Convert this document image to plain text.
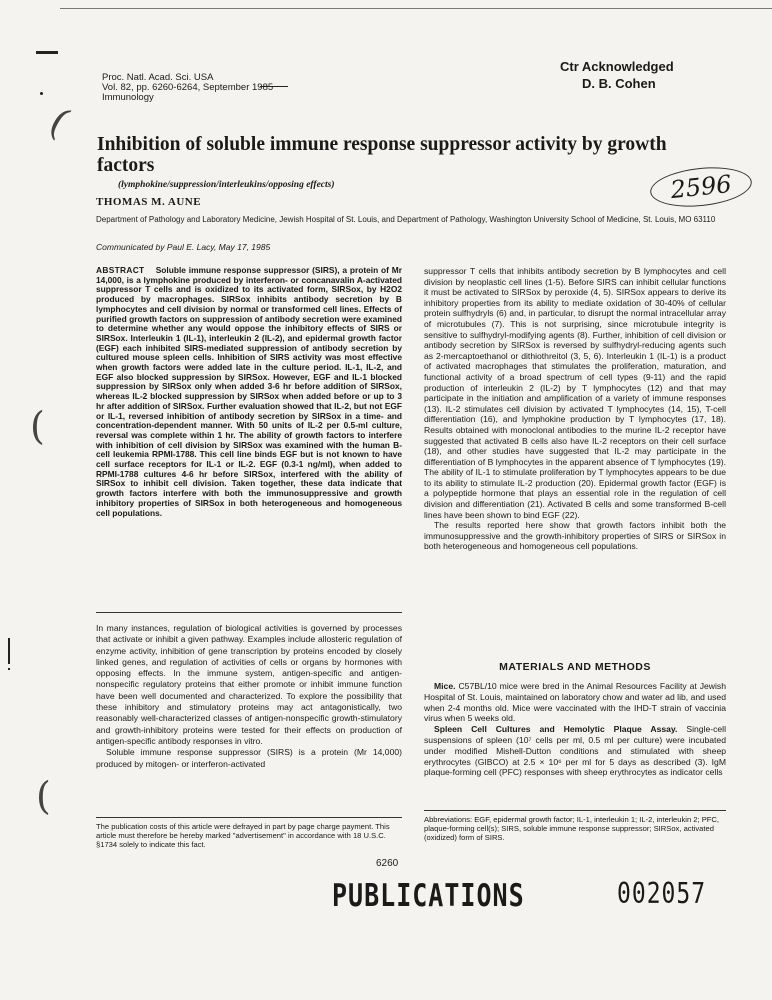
Proc. Natl. Acad. Sci. USA
Vol. 82, pp. 6260-6264, September 1985
Immunology
Ctr Acknowledged
D. B. Cohen
Inhibition of soluble immune response suppressor activity by growth factors
(lymphokine/suppression/interleukins/opposing effects)	2596
THOMAS M. AUNE
Department of Pathology and Laboratory Medicine, Jewish Hospital of St. Louis, and Department of Pathology, Washington University School of Medicine, St. Louis, MO 63110
Communicated by Paul E. Lacy, May 17, 1985
ABSTRACT Soluble immune response suppressor (SIRS), a protein of Mr 14,000, is a lymphokine produced by interferon- or concanavalin A-activated suppressor T cells and is oxidized to its activated form, SIRSox, by H2O2 produced by macrophages. SIRSox inhibits antibody secretion by B lymphocytes and cell division by normal or transformed cell lines. Effects of purified growth factors on suppression of antibody secretion were examined to determine whether any would oppose the inhibitory effects of SIRS or SIRSox. Interleukin 1 (IL-1), interleukin 2 (IL-2), and epidermal growth factor (EGF) each inhibited SIRS-mediated suppression of antibody secretion by cultured mouse spleen cells. Inhibition of SIRS activity was most effective when growth factors were added late in the culture period. IL-1, IL-2, and EGF also blocked suppression by SIRSox. However, EGF and IL-1 blocked suppression by SIRSox only when added 3-6 hr before addition of SIRSox, whereas IL-2 blocked suppression by SIRSox when added before or up to 3 hr after addition of SIRSox. Further evaluation showed that IL-2, but not EGF or IL-1, reversed inhibition of antibody secretion by SIRSox in a time- and concentration-dependent manner. With 50 units of IL-2 per 0.5-ml culture, reversal was complete within 1 hr. The ability of growth factors to interfere with inhibition of cell division by SIRSox was examined with the human B-cell leukemia RPMI-1788. This cell line binds EGF but is not known to have cell surface receptors for IL-1 or IL-2. EGF (0.3-1 ng/ml), when added to RPMI-1788 cultures 4-6 hr before SIRSox, interfered with the ability of SIRSox to inhibit cell division. Taken together, these data indicate that growth factors interfere with both the immunosuppressive and growth inhibitory properties of SIRSox in both heterogeneous and homogeneous cell populations.

In many instances, regulation of biological activities is governed by processes that activate or inhibit a given pathway. Examples include allosteric regulation of enzyme activity, inhibition of gene transcription by proteins encoded by closely linked genes, and regulation of activities of cells or organs by hormones with opposing effects. In the immune system, antigen-specific and antigen-nonspecific regulatory proteins that either promote or inhibit immune function have been well documented and characterized. To explore the possibility that these inhibitory and stimulatory proteins may act antagonistically, two reasonably well-characterized classes of antigen-nonspecific growth-stimulatory and growth-inhibitory proteins were tested for their effects on production of antigen-specific antibody responses in vitro.

Soluble immune response suppressor (SIRS) is a protein (Mr 14,000) produced by mitogen- or interferon-activated

suppressor T cells that inhibits antibody secretion by B lymphocytes and cell division by neoplastic cell lines (1-5). Before SIRS can inhibit cellular functions it must be activated to SIRSox by peroxide (4, 5). SIRSox appears to derive its inhibitory properties from its ability to mediate oxidation of 30-40% of cellular protein sulfhydryls (6) and, in particular, to disrupt the normal intracellular array of microtubules (7). This is not surprising, since microtubule integrity is sensitive to sulfhydryl-modifying agents (8). Further, inhibition of cell division or antibody secretion by SIRSox is reversed by sulfhydryl-reducing agents such as 2-mercaptoethanol or dithiothreitol (3, 5, 6). Interleukin 1 (IL-1) is a product of activated macrophages that stimulates the proliferation, maturation, and functional activity of a broad spectrum of cell types (9-11) and the rapid production of interleukin 2 (IL-2) by T lymphocytes (12) and that may participate in the initiation and amplification of a variety of immune responses (13). IL-2 stimulates cell division by activated T lymphocytes (14, 15), T-cell differentiation (16), and lymphokine production by T lymphocytes (17, 18). Results obtained with monoclonal antibodies to the murine IL-2 receptor have suggested that activated B cells also have IL-2 receptors on their cell surface (18), and other studies have suggested that IL-2 may participate in the differentiation of B lymphocytes in the apparent absence of T lymphocytes (19). The ability of IL-1 to stimulate proliferation by T lymphocytes appears to be due to its ability to stimulate IL-2 production (20). Epidermal growth factor (EGF) is a polypeptide hormone that plays an essential role in the regulation of cell division and differentiation (21). Activated B cells and some transformed B-cell lines have been shown to bind EGF (22).

The results reported here show that growth factors inhibit both the immunosuppressive and the growth-inhibitory properties of SIRS or SIRSox in both heterogeneous and homogeneous cell populations.

MATERIALS AND METHODS

Mice. C57BL/10 mice were bred in the Animal Resources Facility at Jewish Hospital of St. Louis, maintained on laboratory chow and water ad lib, and used when 2-4 months old. Mice were vaccinated with the IHD-T strain of vaccinia virus when 5 weeks old.

Spleen Cell Cultures and Hemolytic Plaque Assay. Single-cell suspensions of spleen (10⁷ cells per ml, 0.5 ml per culture) were incubated under modified Mishell-Dutton conditions and stimulated with sheep erythrocytes (GIBCO) at 2.5 × 10⁶ per ml for 5 days as described (3). IgM plaque-forming cell (PFC) responses with sheep erythrocytes as indicator cells

The publication costs of this article were defrayed in part by page charge payment. This article must therefore be hereby marked "advertisement" in accordance with 18 U.S.C. §1734 solely to indicate this fact.
Abbreviations: EGF, epidermal growth factor; IL-1, interleukin 1; IL-2, interleukin 2; PFC, plaque-forming cell(s); SIRS, soluble immune response suppressor; SIRSox, activated (oxidized) form of SIRS.
6260
PUBLICATIONS	002057
(
(
(
